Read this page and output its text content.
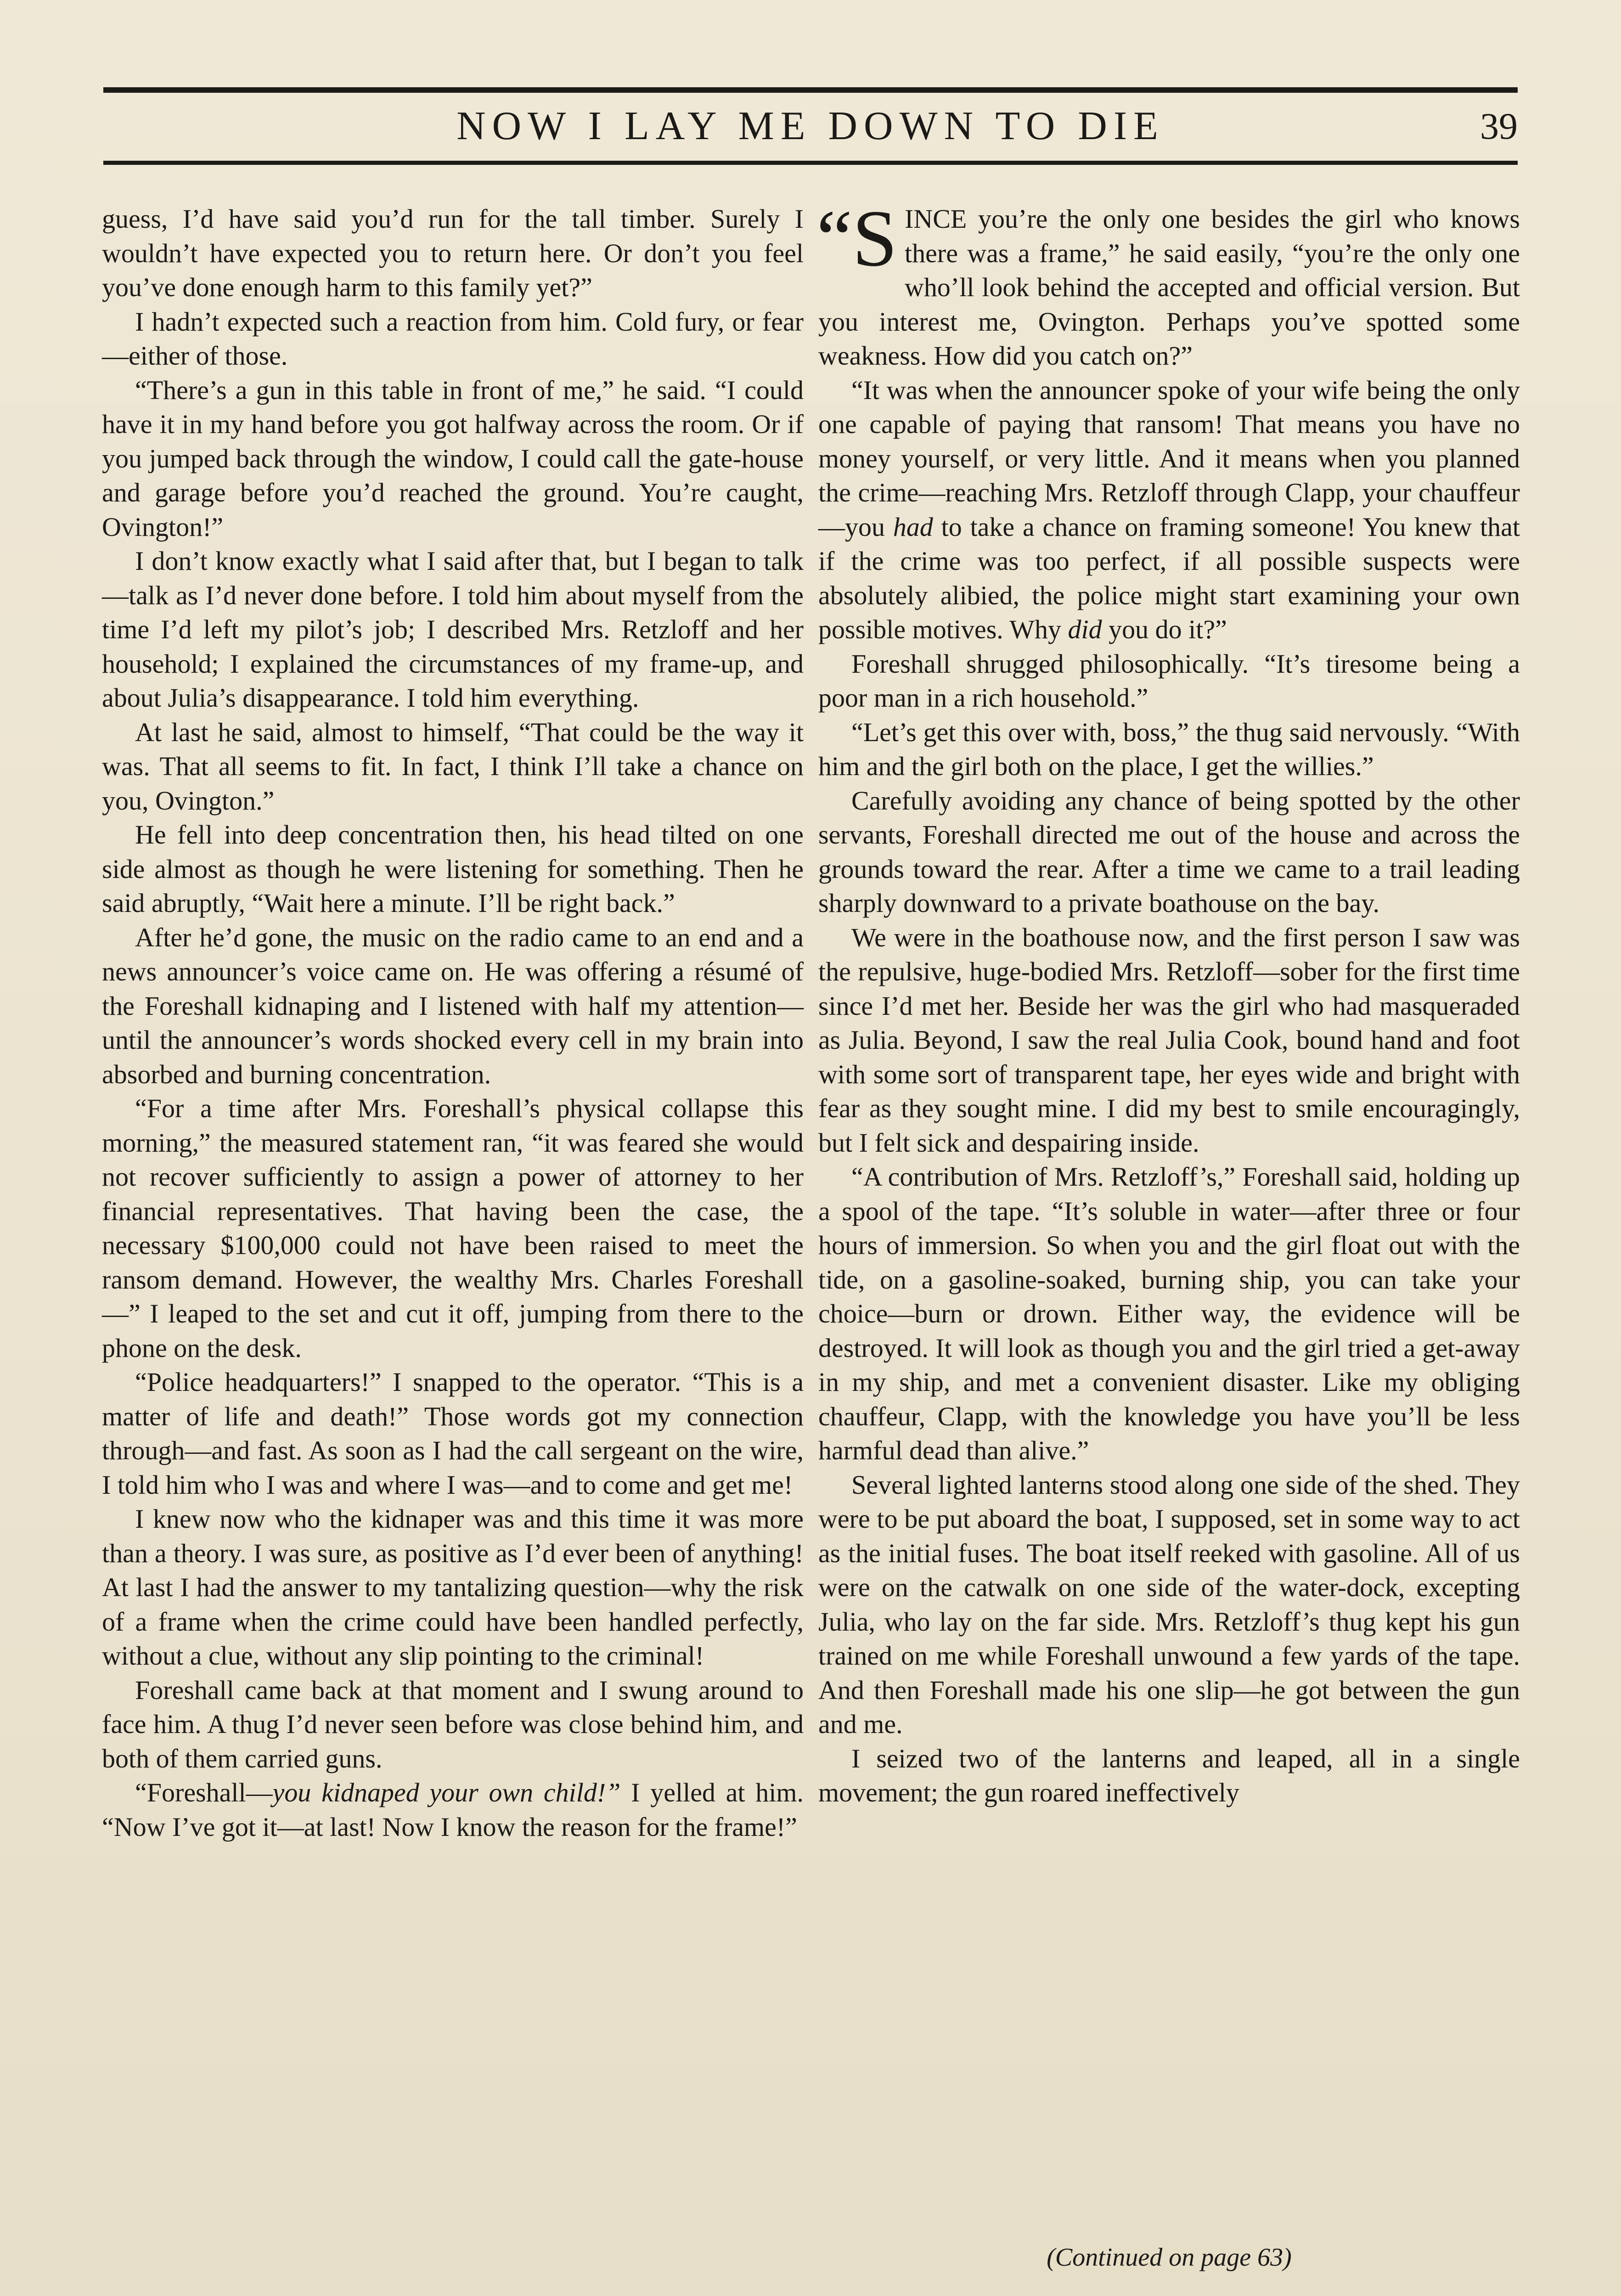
NOW I LAY ME DOWN TO DIE	39

guess, I’d have said you’d run for the tall timber. Surely I wouldn’t have expected you to return here. Or don’t you feel you’ve done enough harm to this family yet?”

I hadn’t expected such a reaction from him. Cold fury, or fear—either of those.

“There’s a gun in this table in front of me,” he said. “I could have it in my hand before you got halfway across the room. Or if you jumped back through the window, I could call the gate-house and garage before you’d reached the ground. You’re caught, Ovington!”

I don’t know exactly what I said after that, but I began to talk—talk as I’d never done before. I told him about myself from the time I’d left my pilot’s job; I described Mrs. Retzloff and her household; I explained the circumstances of my frame-up, and about Julia’s disappearance. I told him everything.

At last he said, almost to himself, “That could be the way it was. That all seems to fit. In fact, I think I’ll take a chance on you, Ovington.”

He fell into deep concentration then, his head tilted on one side almost as though he were listening for something. Then he said abruptly, “Wait here a minute. I’ll be right back.”

After he’d gone, the music on the radio came to an end and a news announcer’s voice came on. He was offering a résumé of the Foreshall kidnaping and I listened with half my attention—until the announcer’s words shocked every cell in my brain into absorbed and burning concentration.

“For a time after Mrs. Foreshall’s physical collapse this morning,” the measured statement ran, “it was feared she would not recover sufficiently to assign a power of attorney to her financial representatives. That having been the case, the necessary $100,000 could not have been raised to meet the ransom demand. However, the wealthy Mrs. Charles Foreshall—” I leaped to the set and cut it off, jumping from there to the phone on the desk.

“Police headquarters!” I snapped to the operator. “This is a matter of life and death!” Those words got my connection through—and fast. As soon as I had the call sergeant on the wire, I told him who I was and where I was—and to come and get me!

I knew now who the kidnaper was and this time it was more than a theory. I was sure, as positive as I’d ever been of anything! At last I had the answer to my tantalizing question—why the risk of a frame when the crime could have been handled perfectly, without a clue, without any slip pointing to the criminal!

Foreshall came back at that moment and I swung around to face him. A thug I’d never seen before was close behind him, and both of them carried guns.

“Foreshall—you kidnaped your own child!” I yelled at him. “Now I’ve got it—at last! Now I know the reason for the frame!”

“S INCE you’re the only one besides the girl who knows there was a frame,” he said easily, “you’re the only one who’ll look behind the accepted and official version. But you interest me, Ovington. Perhaps you’ve spotted some weakness. How did you catch on?”

“It was when the announcer spoke of your wife being the only one capable of paying that ransom! That means you have no money yourself, or very little. And it means when you planned the crime—reaching Mrs. Retzloff through Clapp, your chauffeur—you had to take a chance on framing someone! You knew that if the crime was too perfect, if all possible suspects were absolutely alibied, the police might start examining your own possible motives. Why did you do it?”

Foreshall shrugged philosophically. “It’s tiresome being a poor man in a rich household.”

“Let’s get this over with, boss,” the thug said nervously. “With him and the girl both on the place, I get the willies.”

Carefully avoiding any chance of being spotted by the other servants, Foreshall directed me out of the house and across the grounds toward the rear. After a time we came to a trail leading sharply downward to a private boathouse on the bay.

We were in the boathouse now, and the first person I saw was the repulsive, huge-bodied Mrs. Retzloff—sober for the first time since I’d met her. Beside her was the girl who had masqueraded as Julia. Beyond, I saw the real Julia Cook, bound hand and foot with some sort of transparent tape, her eyes wide and bright with fear as they sought mine. I did my best to smile encouragingly, but I felt sick and despairing inside.

“A contribution of Mrs. Retzloff’s,” Foreshall said, holding up a spool of the tape. “It’s soluble in water—after three or four hours of immersion. So when you and the girl float out with the tide, on a gasoline-soaked, burning ship, you can take your choice—burn or drown. Either way, the evidence will be destroyed. It will look as though you and the girl tried a get-away in my ship, and met a convenient disaster. Like my obliging chauffeur, Clapp, with the knowledge you have you’ll be less harmful dead than alive.”

Several lighted lanterns stood along one side of the shed. They were to be put aboard the boat, I supposed, set in some way to act as the initial fuses. The boat itself reeked with gasoline. All of us were on the catwalk on one side of the water-dock, excepting Julia, who lay on the far side. Mrs. Retzloff’s thug kept his gun trained on me while Foreshall unwound a few yards of the tape. And then Foreshall made his one slip—he got between the gun and me.

I seized two of the lanterns and leaped, all in a single movement; the gun roared ineffectively

(Continued on page 63)
